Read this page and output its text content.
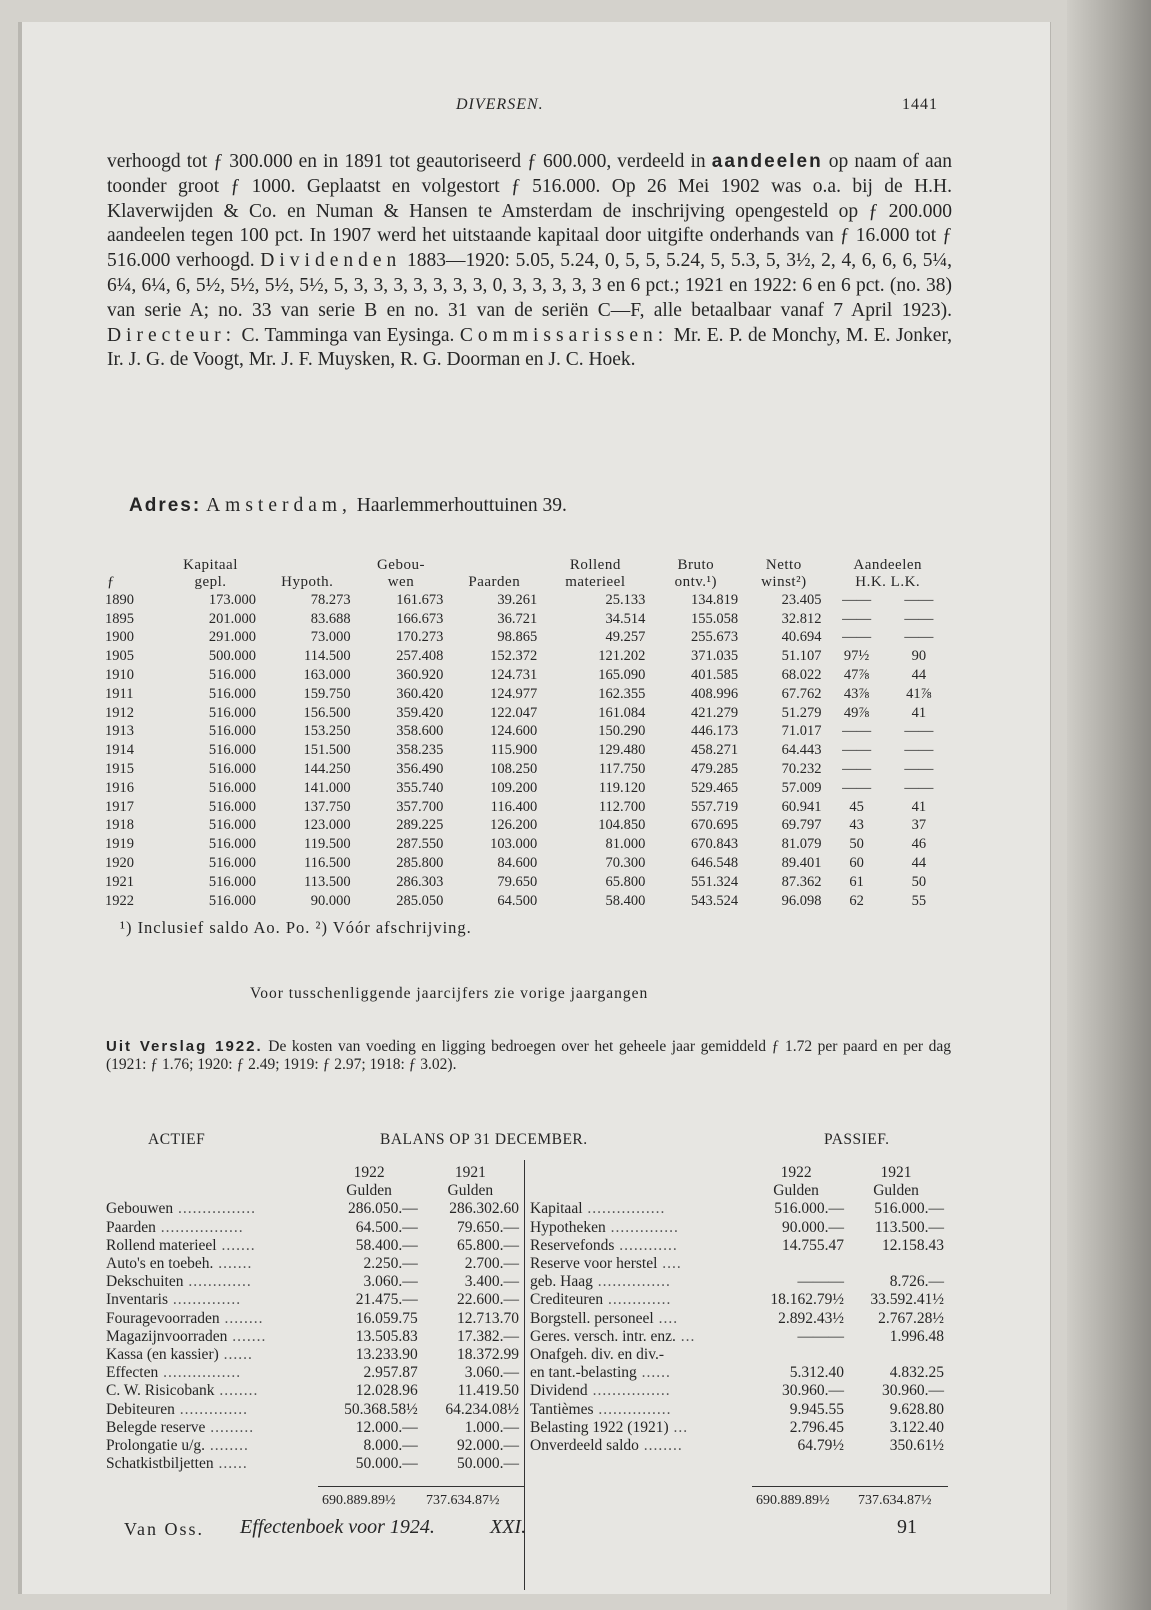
DIVERSEN.	1441

verhoogd tot ƒ 300.000 en in 1891 tot geautoriseerd ƒ 600.000, verdeeld in aandeelen op naam of aan toonder groot ƒ 1000. Geplaatst en volgestort ƒ 516.000. Op 26 Mei 1902 was o.a. bij de H.H. Klaverwijden & Co. en Numan & Hansen te Amsterdam de inschrijving opengesteld op ƒ 200.000 aandeelen tegen 100 pct. In 1907 werd het uitstaande kapitaal door uitgifte onderhands van ƒ 16.000 tot ƒ 516.000 verhoogd. Dividenden 1883—1920: 5.05, 5.24, 0, 5, 5, 5.24, 5, 5.3, 5, 3½, 2, 4, 6, 6, 6, 5¼, 6¼, 6¼, 6, 5½, 5½, 5½, 5½, 5, 3, 3, 3, 3, 3, 3, 3, 0, 3, 3, 3, 3, 3 en 6 pct.; 1921 en 1922: 6 en 6 pct. (no. 38) van serie A; no. 33 van serie B en no. 31 van de seriën C—F, alle betaalbaar vanaf 7 April 1923). Directeur: C. Tamminga van Eysinga. Commissarissen: Mr. E. P. de Monchy, M. E. Jonker, Ir. J. G. de Voogt, Mr. J. F. Muysken, R. G. Doorman en J. C. Hoek.

Adres: Amsterdam, Haarlemmerhouttuinen 39.
	Kapitaal		Gebou-		Rollend	Bruto	Netto	Aandeelen	
ƒ	gepl.	Hypoth.	wen	Paarden	materieel	ontv.¹)	winst²)	H.K. L.K.	
1890	173.000	78.273	161.673	39.261	25.133	134.819	23.405	——	——
1895	201.000	83.688	166.673	36.721	34.514	155.058	32.812	——	——
1900	291.000	73.000	170.273	98.865	49.257	255.673	40.694	——	——
1905	500.000	114.500	257.408	152.372	121.202	371.035	51.107	97½	90
1910	516.000	163.000	360.920	124.731	165.090	401.585	68.022	47⅞	44
1911	516.000	159.750	360.420	124.977	162.355	408.996	67.762	43⅞	41⅞
1912	516.000	156.500	359.420	122.047	161.084	421.279	51.279	49⅞	41
1913	516.000	153.250	358.600	124.600	150.290	446.173	71.017	——	——
1914	516.000	151.500	358.235	115.900	129.480	458.271	64.443	——	——
1915	516.000	144.250	356.490	108.250	117.750	479.285	70.232	——	——
1916	516.000	141.000	355.740	109.200	119.120	529.465	57.009	——	——
1917	516.000	137.750	357.700	116.400	112.700	557.719	60.941	45	41
1918	516.000	123.000	289.225	126.200	104.850	670.695	69.797	43	37
1919	516.000	119.500	287.550	103.000	81.000	670.843	81.079	50	46
1920	516.000	116.500	285.800	84.600	70.300	646.548	89.401	60	44
1921	516.000	113.500	286.303	79.650	65.800	551.324	87.362	61	50
1922	516.000	90.000	285.050	64.500	58.400	543.524	96.098	62	55
¹) Inclusief saldo Ao. Po. ²) Vóór afschrijving.
Voor tusschenliggende jaarcijfers zie vorige jaargangen

Uit Verslag 1922. De kosten van voeding en ligging bedroegen over het geheele jaar gemiddeld ƒ 1.72 per paard en per dag (1921: ƒ 1.76; 1920: ƒ 2.49; 1919: ƒ 2.97; 1918: ƒ 3.02).

ACTIEF	BALANS OP 31 DECEMBER.	PASSIEF.
	1922	1921
	Gulden	Gulden
Gebouwen ................	286.050.—	286.302.60
Paarden .................	64.500.—	79.650.—
Rollend materieel .......	58.400.—	65.800.—
Auto's en toebeh. .......	2.250.—	2.700.—
Dekschuiten .............	3.060.—	3.400.—
Inventaris ..............	21.475.—	22.600.—
Fouragevoorraden ........	16.059.75	12.713.70
Magazijnvoorraden .......	13.505.83	17.382.—
Kassa (en kassier) ......	13.233.90	18.372.99
Effecten ................	2.957.87	3.060.—
C. W. Risicobank ........	12.028.96	11.419.50
Debiteuren ..............	50.368.58½	64.234.08½
Belegde reserve .........	12.000.—	1.000.—
Prolongatie u/g. ........	8.000.—	92.000.—
Schatkistbiljetten ......	50.000.—	50.000.—
	1922	1921
	Gulden	Gulden
Kapitaal ................	516.000.—	516.000.—
Hypotheken ..............	90.000.—	113.500.—
Reservefonds ............	14.755.47	12.158.43
Reserve voor herstel ....		
geb. Haag ...............	———	8.726.—
Crediteuren .............	18.162.79½	33.592.41½
Borgstell. personeel ....	2.892.43½	2.767.28½
Geres. versch. intr. enz. ...	———	1.996.48
Onafgeh. div. en div.-		
en tant.-belasting ......	5.312.40	4.832.25
Dividend ................	30.960.—	30.960.—
Tantièmes ...............	9.945.55	9.628.80
Belasting 1922 (1921) ...	2.796.45	3.122.40
Onverdeeld saldo ........	64.79½	350.61½
690.889.89½ 737.634.87½	690.889.89½ 737.634.87½
Van Oss. Effectenboek voor 1924.	XXI.	91
